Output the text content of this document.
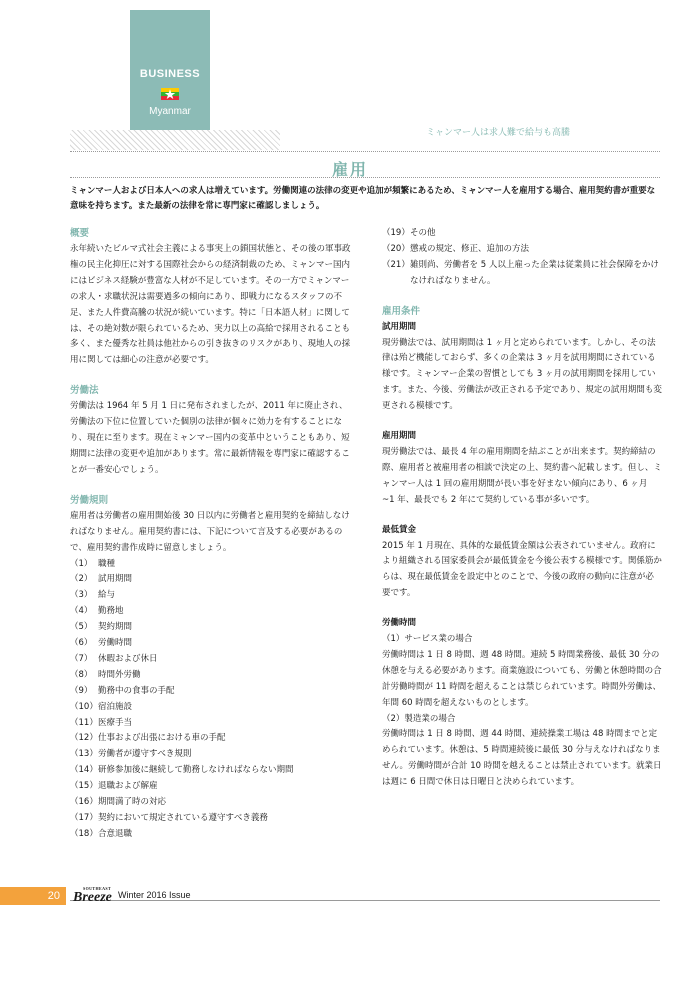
BUSINESS
Myanmar
ミャンマー人は求人難で給与も高騰
雇用
ミャンマー人および日本人への求人は増えています。労働関連の法律の変更や追加が頻繁にあるため、ミャンマー人を雇用する場合、雇用契約書が重要な意味を持ちます。また最新の法律を常に専門家に確認しましょう。
概要

永年続いたビルマ式社会主義による事実上の鎖国状態と、その後の軍事政権の民主化抑圧に対する国際社会からの経済制裁のため、ミャンマー国内にはビジネス経験が豊富な人材が不足しています。その一方でミャンマーの求人・求職状況は需要過多の傾向にあり、即戦力になるスタッフの不足、また人件費高騰の状況が続いています。特に「日本語人材」に関しては、その絶対数が限られているため、実力以上の高給で採用されることも多く、また優秀な社員は他社からの引き抜きのリスクがあり、現地人の採用に関しては細心の注意が必要です。

労働法

労働法は 1964 年 5 月 1 日に発布されましたが、2011 年に廃止され、労働法の下位に位置していた個別の法律が個々に効力を有することになり、現在に至ります。現在ミャンマー国内の変革中ということもあり、短期間に法律の変更や追加があります。常に最新情報を専門家に確認することが一番安心でしょう。

労働規則

雇用者は労働者の雇用開始後 30 日以内に労働者と雇用契約を締結しなければなりません。雇用契約書には、下記について言及する必要があるので、雇用契約書作成時に留意しましょう。

（1） 職種
（2） 試用期間
（3） 給与
（4） 勤務地
（5） 契約期間
（6） 労働時間
（7） 休暇および休日
（8） 時間外労働
（9） 勤務中の食事の手配
（10） 宿泊施設
（11） 医療手当
（12） 仕事および出張における車の手配
（13） 労働者が遵守すべき規則
（14） 研修参加後に継続して勤務しなければならない期間
（15） 退職および解雇
（16） 期間満了時の対応
（17） 契約において規定されている遵守すべき義務
（18） 合意退職
（19） その他
（20） 懲戒の規定、修正、追加の方法
（21） 雑則尚、労働者を 5 人以上雇った企業は従業員に社会保障をかけなければなりません。
雇用条件
試用期間

現労働法では、試用期間は 1 ヶ月と定められています。しかし、その法律は殆ど機能しておらず、多くの企業は 3 ヶ月を試用期間にされている様です。ミャンマー企業の習慣としても 3 ヶ月の試用期間を採用しています。また、今後、労働法が改正される予定であり、規定の試用期間も変更される模様です。

雇用期間

現労働法では、最長 4 年の雇用期間を結ぶことが出来ます。契約締結の際、雇用者と被雇用者の相談で決定の上、契約書へ記載します。但し、ミャンマー人は 1 回の雇用期間が長い事を好まない傾向にあり、6 ヶ月 ~1 年、最長でも 2 年にて契約している事が多いです。

最低賃金

2015 年 1 月現在、具体的な最低賃金額は公表されていません。政府により組織される国家委員会が最低賃金を今後公表する模様です。関係筋からは、現在最低賃金を設定中とのことで、今後の政府の動向に注意が必要です。

労働時間

（1）サービス業の場合

労働時間は 1 日 8 時間、週 48 時間。連続 5 時間業務後、最低 30 分の休憩を与える必要があります。商業施設についても、労働と休憩時間の合計労働時間が 11 時間を超えることは禁じられています。時間外労働は、年間 60 時間を超えないものとします。

（2）製造業の場合

労働時間は 1 日 8 時間、週 44 時間、連続操業工場は 48 時間までと定められています。休憩は、5 時間連続後に最低 30 分与えなければなりません。労働時間が合計 10 時間を越えることは禁止されています。就業日は週に 6 日間で休日は日曜日と決められています。

20
SOUTHEAST
Breeze Winter 2016 Issue
